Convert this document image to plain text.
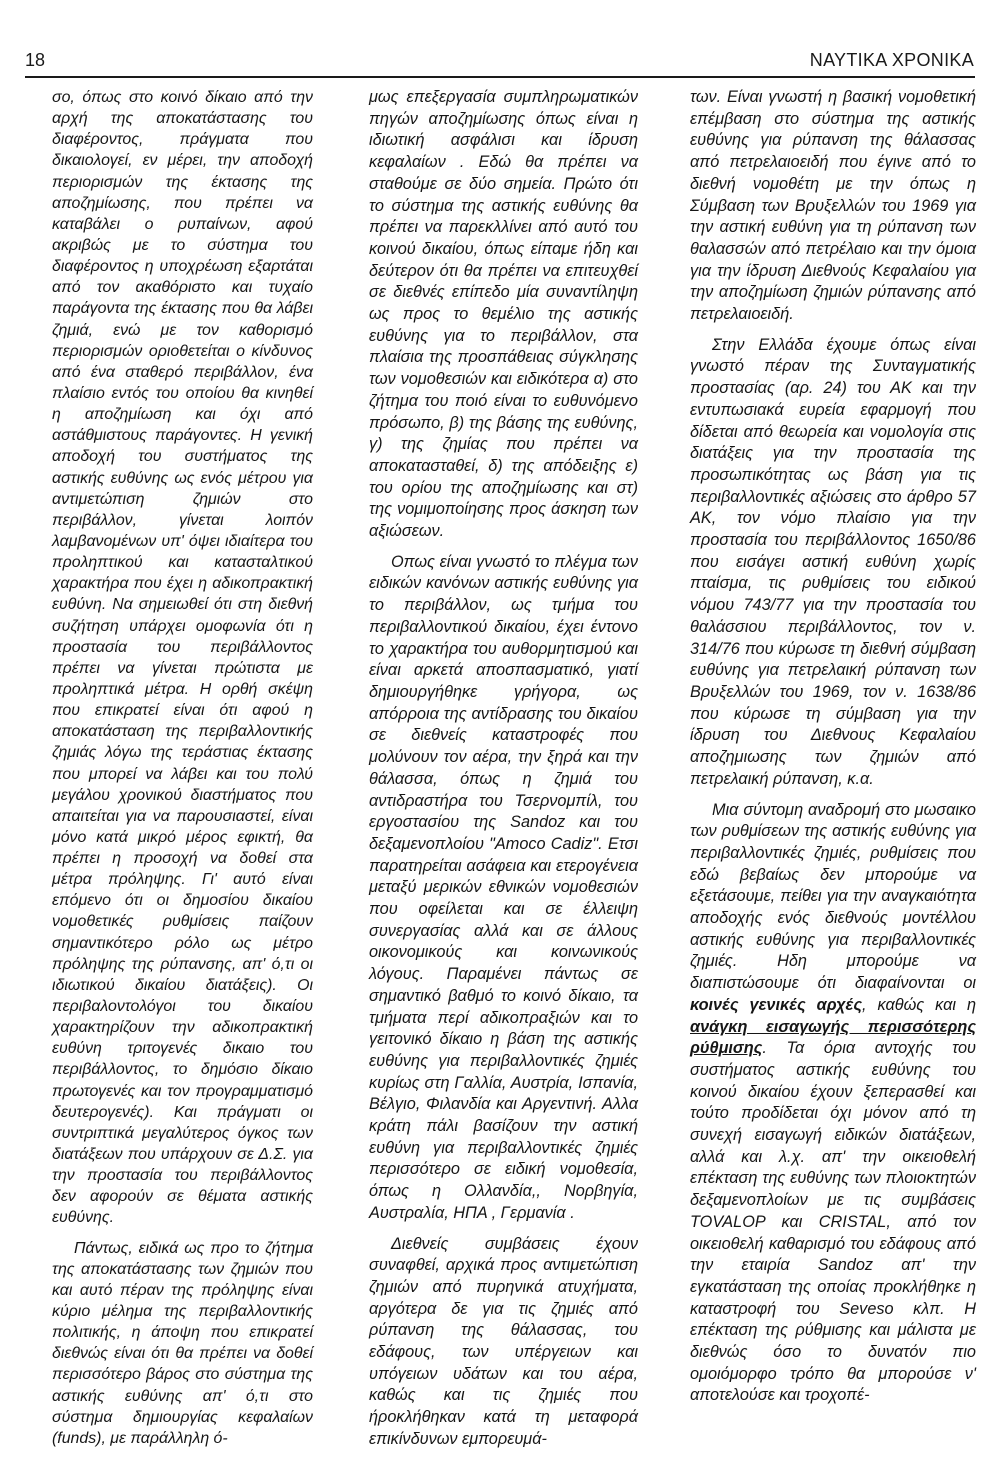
18	ΝΑΥΤΙΚΑ ΧΡΟΝΙΚΑ

σο, όπως στο κοινό δίκαιο από την αρχή της αποκατάστασης του διαφέροντος, πράγματα που δικαιολογεί, εν μέρει, την αποδοχή περιορισμών της έκτασης της αποζημίωσης, που πρέπει να καταβάλει ο ρυπαίνων, αφού ακριβώς με το σύστημα του διαφέροντος η υποχρέωση εξαρτάται από τον ακαθόριστο και τυχαίο παράγοντα της έκτασης που θα λάβει ζημιά, ενώ με τον καθορισμό περιορισμών οριοθετείται ο κίνδυνος από ένα σταθερό περιβάλλον, ένα πλαίσιο εντός του οποίου θα κινηθεί η αποζημίωση και όχι από αστάθμιστους παράγοντες. Η γενική αποδοχή του συστήματος της αστικής ευθύνης ως ενός μέτρου για αντιμετώπιση ζημιών στο περιβάλλον, γίνεται λοιπόν λαμβανομένων υπ' όψει ιδιαίτερα του προληπτικού και κατασταλτικού χαρακτήρα που έχει η αδικοπρακτική ευθύνη. Να σημειωθεί ότι στη διεθνή συζήτηση υπάρχει ομοφωνία ότι η προστασία του περιβάλλοντος πρέπει να γίνεται πρώτιστα με προληπτικά μέτρα. Η ορθή σκέψη που επικρατεί είναι ότι αφού η αποκατάσταση της περιβαλλοντικής ζημιάς λόγω της τεράστιας έκτασης που μπορεί να λάβει και του πολύ μεγάλου χρονικού διαστήματος που απαιτείται για να παρουσιαστεί, είναι μόνο κατά μικρό μέρος εφικτή, θα πρέπει η προσοχή να δοθεί στα μέτρα πρόληψης. Γι' αυτό είναι επόμενο ότι οι δημοσίου δικαίου νομοθετικές ρυθμίσεις παίζουν σημαντικότερο ρόλο ως μέτρο πρόληψης της ρύπανσης, απ' ό,τι οι ιδιωτικού δικαίου διατάξεις). Οι περιβαλοντολόγοι του δικαίου χαρακτηρίζουν την αδικοπρακτική ευθύνη τριτογενές δικαιο του περιβάλλοντος, το δημόσιο δίκαιο πρωτογενές και τον προγραμματισμό δευτερογενές). Και πράγματι οι συντριπτικά μεγαλύτερος όγκος των διατάξεων που υπάρχουν σε Δ.Σ. για την προστασία του περιβάλλοντος δεν αφορούν σε θέματα αστικής ευθύνης.

Πάντως, ειδικά ως προ το ζήτημα της αποκατάστασης των ζημιών που και αυτό πέραν της πρόληψης είναι κύριο μέλημα της περιβαλλοντικής πολιτικής, η άποψη που επικρατεί διεθνώς είναι ότι θα πρέπει να δοθεί περισσότερο βάρος στο σύστημα της αστικής ευθύνης απ' ό,τι στο σύστημα δημιουργίας κεφαλαίων (funds), με παράλληλη ό-

μως επεξεργασία συμπληρωματικών πηγών αποζημίωσης όπως είναι η ιδιωτική ασφάλισι και ίδρυση κεφαλαίων . Εδώ θα πρέπει να σταθούμε σε δύο σημεία. Πρώτο ότι το σύστημα της αστικής ευθύνης θα πρέπει να παρεκλλίνει από αυτό του κοινού δικαίου, όπως είπαμε ήδη και δεύτερον ότι θα πρέπει να επιτευχθεί σε διεθνές επίπεδο μία συναντίληψη ως προς το θεμέλιο της αστικής ευθύνης για το περιβάλλον, στα πλαίσια της προσπάθειας σύγκλησης των νομοθεσιών και ειδικότερα α) στο ζήτημα του ποιό είναι το ευθυνόμενο πρόσωπο, β) της βάσης της ευθύνης, γ) της ζημίας που πρέπει να αποκατασταθεί, δ) της απόδειξης ε) του ορίου της αποζημίωσης και στ) της νομιμοποίησης προς άσκηση των αξιώσεων.

Οπως είναι γνωστό το πλέγμα των ειδικών κανόνων αστικής ευθύνης για το περιβάλλον, ως τμήμα του περιβαλλοντικού δικαίου, έχει έντονο το χαρακτήρα του αυθορμητισμού και είναι αρκετά αποσπασματικό, γιατί δημιουργήθηκε γρήγορα, ως απόρροια της αντίδρασης του δικαίου σε διεθνείς καταστροφές που μολύνουν τον αέρα, την ξηρά και την θάλασσα, όπως η ζημιά του αντιδραστήρα του Τσερνομπίλ, του εργοστασίου της Sandoz και του δεξαμενοπλοίου "Amoco Cadiz". Ετσι παρατηρείται ασάφεια και ετερογένεια μεταξύ μερικών εθνικών νομοθεσιών που οφείλεται και σε έλλειψη συνεργασίας αλλά και σε άλλους οικονομικούς και κοινωνικούς λόγους. Παραμένει πάντως σε σημαντικό βαθμό το κοινό δίκαιο, τα τμήματα περί αδικοπραξιών και το γειτονικό δίκαιο η βάση της αστικής ευθύνης για περιβαλλοντικές ζημιές κυρίως στη Γαλλία, Αυστρία, Ισπανία, Βέλγιο, Φιλανδία και Αργεντινή. Αλλα κράτη πάλι βασίζουν την αστική ευθύνη για περιβαλλοντικές ζημιές περισσότερο σε ειδική νομοθεσία, όπως η Ολλανδία,, Νορβηγία, Αυστραλία, ΗΠΑ , Γερμανία .

Διεθνείς συμβάσεις έχουν συναφθεί, αρχικά προς αντιμετώπιση ζημιών από πυρηνικά ατυχήματα, αργότερα δε για τις ζημιές από ρύπανση της θάλασσας, του εδάφους, των υπέργειων και υπόγειων υδάτων και του αέρα, καθώς και τις ζημιές που ήροκλήθηκαν κατά τη μεταφορά επικίνδυνων εμπορευμά-

των. Είναι γνωστή η βασική νομοθετική επέμβαση στο σύστημα της αστικής ευθύνης για ρύπανση της θάλασσας από πετρελαιοειδή που έγινε από το διεθνή νομοθέτη με την όπως η Σύμβαση των Βρυξελλών του 1969 για την αστική ευθύνη για τη ρύπανση των θαλασσών από πετρέλαιο και την όμοια για την ίδρυση Διεθνούς Κεφαλαίου για την αποζημίωση ζημιών ρύπανσης από πετρελαιοειδή.

Στην Ελλάδα έχουμε όπως είναι γνωστό πέραν της Συνταγματικής προστασίας (αρ. 24) του ΑΚ και την εντυπωσιακά ευρεία εφαρμογή που δίδεται από θεωρεία και νομολογία στις διατάξεις για την προστασία της προσωπικότητας ως βάση για τις περιβαλλοντικές αξιώσεις στο άρθρο 57 ΑΚ, τον νόμο πλαίσιο για την προστασία του περιβάλλοντος 1650/86 που εισάγει αστική ευθύνη χωρίς πταίσμα, τις ρυθμίσεις του ειδικού νόμου 743/77 για την προστασία του θαλάσσιου περιβάλλοντος, τον ν. 314/76 που κύρωσε τη διεθνή σύμβαση ευθύνης για πετρελαική ρύπανση των Βρυξελλών του 1969, τον ν. 1638/86 που κύρωσε τη σύμβαση για την ίδρυση του Διεθνους Κεφαλαίου αποζημιωσης των ζημιών από πετρελαική ρύπανση, κ.α.

Μια σύντομη αναδρομή στο μωσαικο των ρυθμίσεων της αστικής ευθύνης για περιβαλλοντικές ζημιές, ρυθμίσεις που εδώ βεβαίως δεν μπορούμε να εξετάσουμε, πείθει για την αναγκαιότητα αποδοχής ενός διεθνούς μοντέλλου αστικής ευθύνης για περιβαλλοντικές ζημιές. Ηδη μπορούμε να διαπιστώσουμε ότι διαφαίνονται οι κοινές γενικές αρχές, καθώς και η ανάγκη εισαγωγής περισσότερης ρύθμισης. Τα όρια αντοχής του συστήματος αστικής ευθύνης του κοινού δικαίου έχουν ξεπερασθεί και τούτο προδίδεται όχι μόνον από τη συνεχή εισαγωγή ειδικών διατάξεων, αλλά και λ.χ. απ' την οικειοθελή επέκταση της ευθύνης των πλοιοκτητών δεξαμενοπλοίων με τις συμβάσεις TOVALOP και CRISTAL, από τον οικειοθελή καθαρισμό του εδάφους από την εταιρία Sandoz απ' την εγκατάσταση της οποίας προκλήθηκε η καταστροφή του Seveso κλπ. Η επέκταση της ρύθμισης και μάλιστα με διεθνώς όσο το δυνατόν πιο ομοιόμορφο τρόπο θα μπορούσε ν' αποτελούσε και τροχοπέ-
